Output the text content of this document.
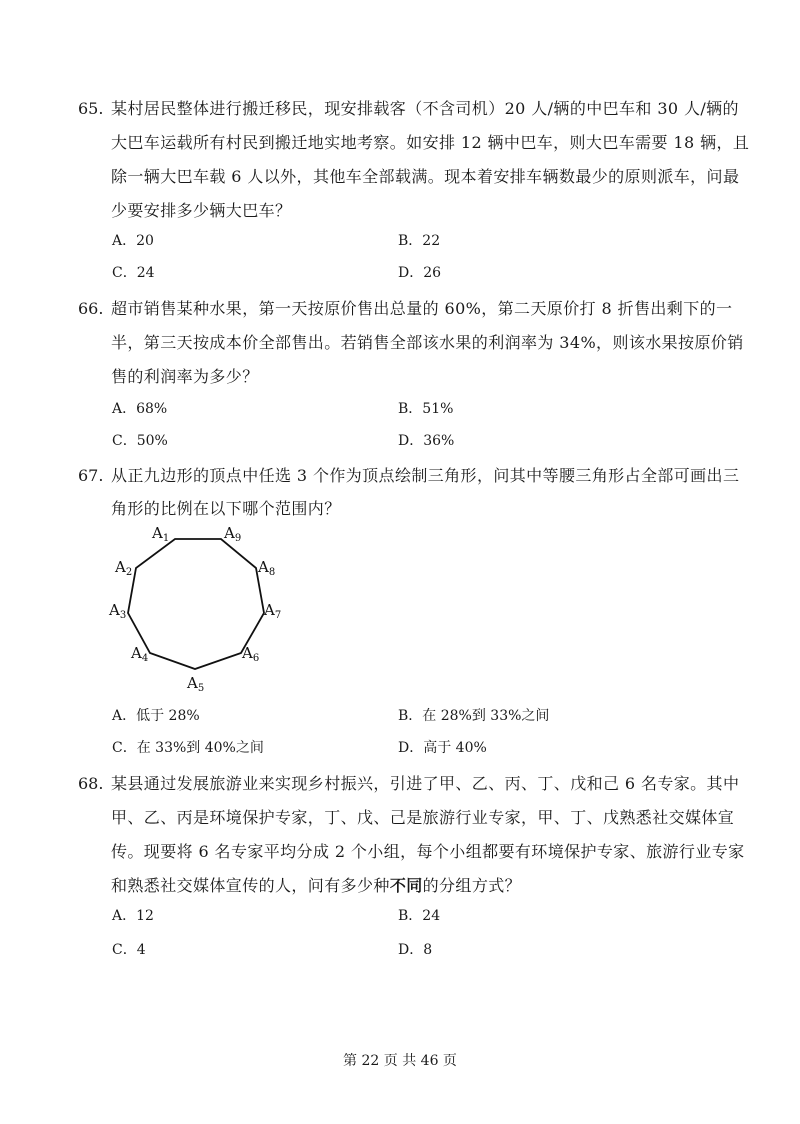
65. 某村居民整体进行搬迁移民，现安排载客（不含司机）20 人/辆的中巴车和 30 人/辆的
大巴车运载所有村民到搬迁地实地考察。如安排 12 辆中巴车，则大巴车需要 18 辆，且
除一辆大巴车载 6 人以外，其他车全部载满。现本着安排车辆数最少的原则派车，问最
少要安排多少辆大巴车？
A．20	B．22
C．24	D．26
66. 超市销售某种水果，第一天按原价售出总量的 60%，第二天原价打 8 折售出剩下的一
半，第三天按成本价全部售出。若销售全部该水果的利润率为 34%，则该水果按原价销
售的利润率为多少？
A．68%	B．51%
C．50%	D．36%
67. 从正九边形的顶点中任选 3 个作为顶点绘制三角形，问其中等腰三角形占全部可画出三
角形的比例在以下哪个范围内？
$A_1$	$A_9$
$A_2$	$A_8$
$A_3$	$A_7$
$A_4$	$A_6$
$A_5$
A．低于 28%	B．在 28%到 33%之间
C．在 33%到 40%之间	D．高于 40%
68. 某县通过发展旅游业来实现乡村振兴，引进了甲、乙、丙、丁、戊和己 6 名专家。其中
甲、乙、丙是环境保护专家，丁、戊、己是旅游行业专家，甲、丁、戊熟悉社交媒体宣
传。现要将 6 名专家平均分成 2 个小组，每个小组都要有环境保护专家、旅游行业专家
和熟悉社交媒体宣传的人，问有多少种不同的分组方式？
A．12	B．24
C．4	D．8
第 22 页 共 46 页
